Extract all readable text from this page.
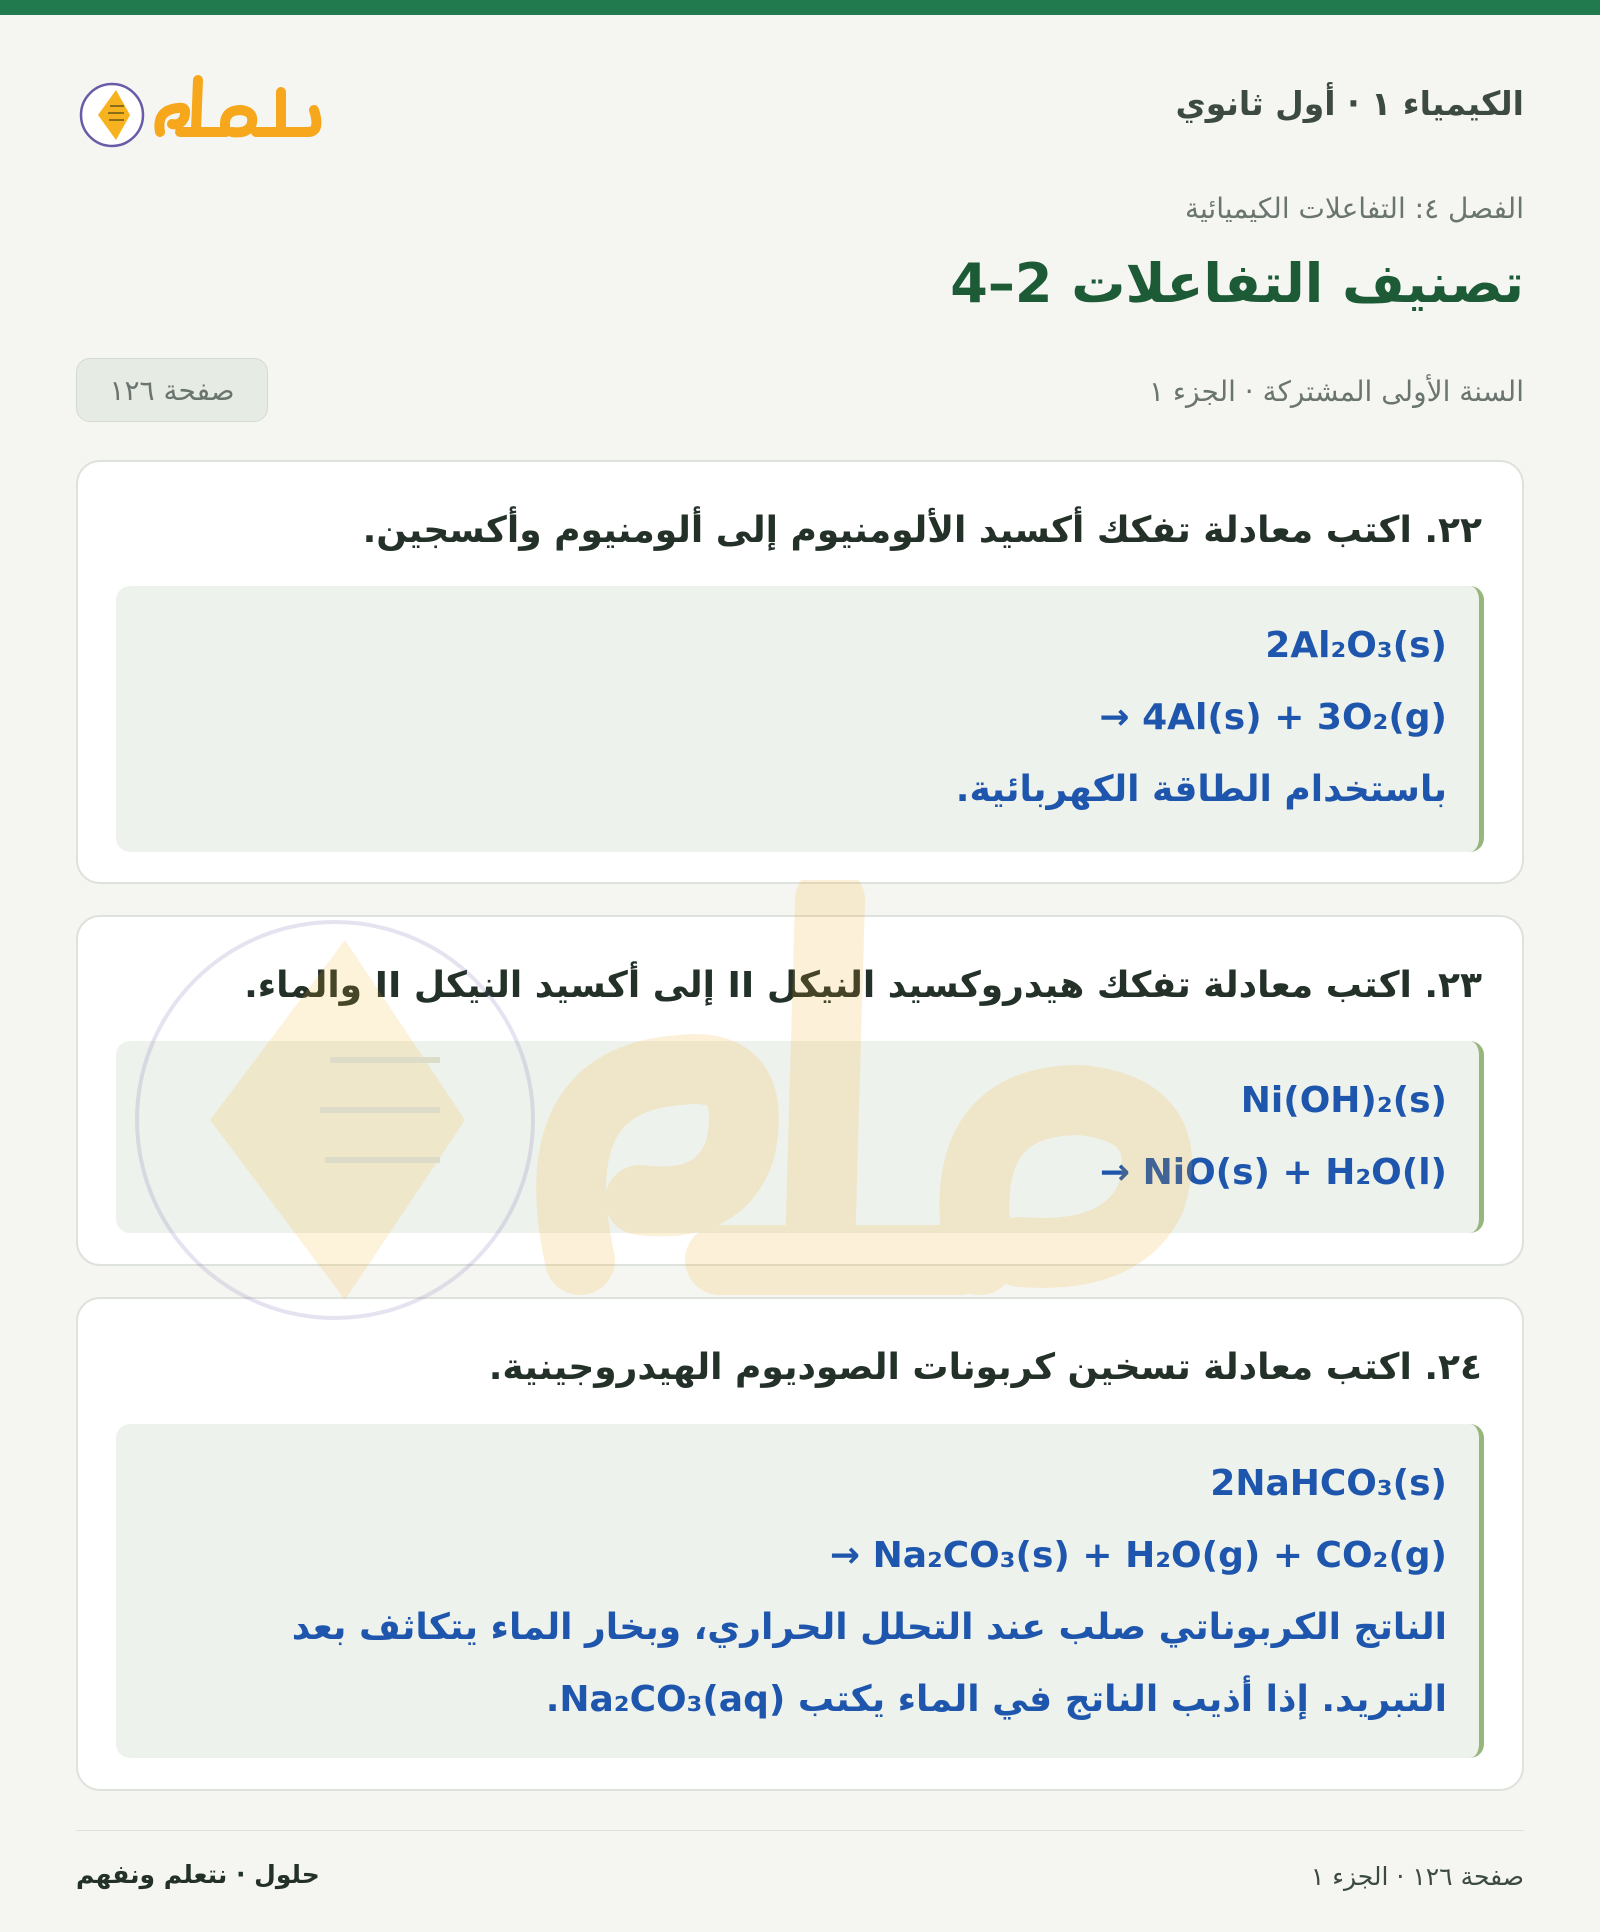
الكيمياء ١ · أول ثانوي
الفصل ٤: التفاعلات الكيميائية
تصنيف التفاعلات 2–4
السنة الأولى المشتركة · الجزء ١
صفحة ١٢٦
٢٢. اكتب معادلة تفكك أكسيد الألومنيوم إلى ألومنيوم وأكسجين.
2Al₂O₃(s)
→ 4Al(s) + 3O₂(g)
باستخدام الطاقة الكهربائية.
٢٣. اكتب معادلة تفكك هيدروكسيد النيكل II إلى أكسيد النيكل II والماء.
Ni(OH)₂(s)
→ NiO(s) + H₂O(l)
٢٤. اكتب معادلة تسخين كربونات الصوديوم الهيدروجينية.
2NaHCO₃(s)
→ Na₂CO₃(s) + H₂O(g) + CO₂(g)
الناتج الكربوناتي صلب عند التحلل الحراري، وبخار الماء يتكاثف بعد
التبريد. إذا أذيب الناتج في الماء يكتب Na₂CO₃(aq).
صفحة ١٢٦ · الجزء ١
حلول · نتعلم ونفهم
